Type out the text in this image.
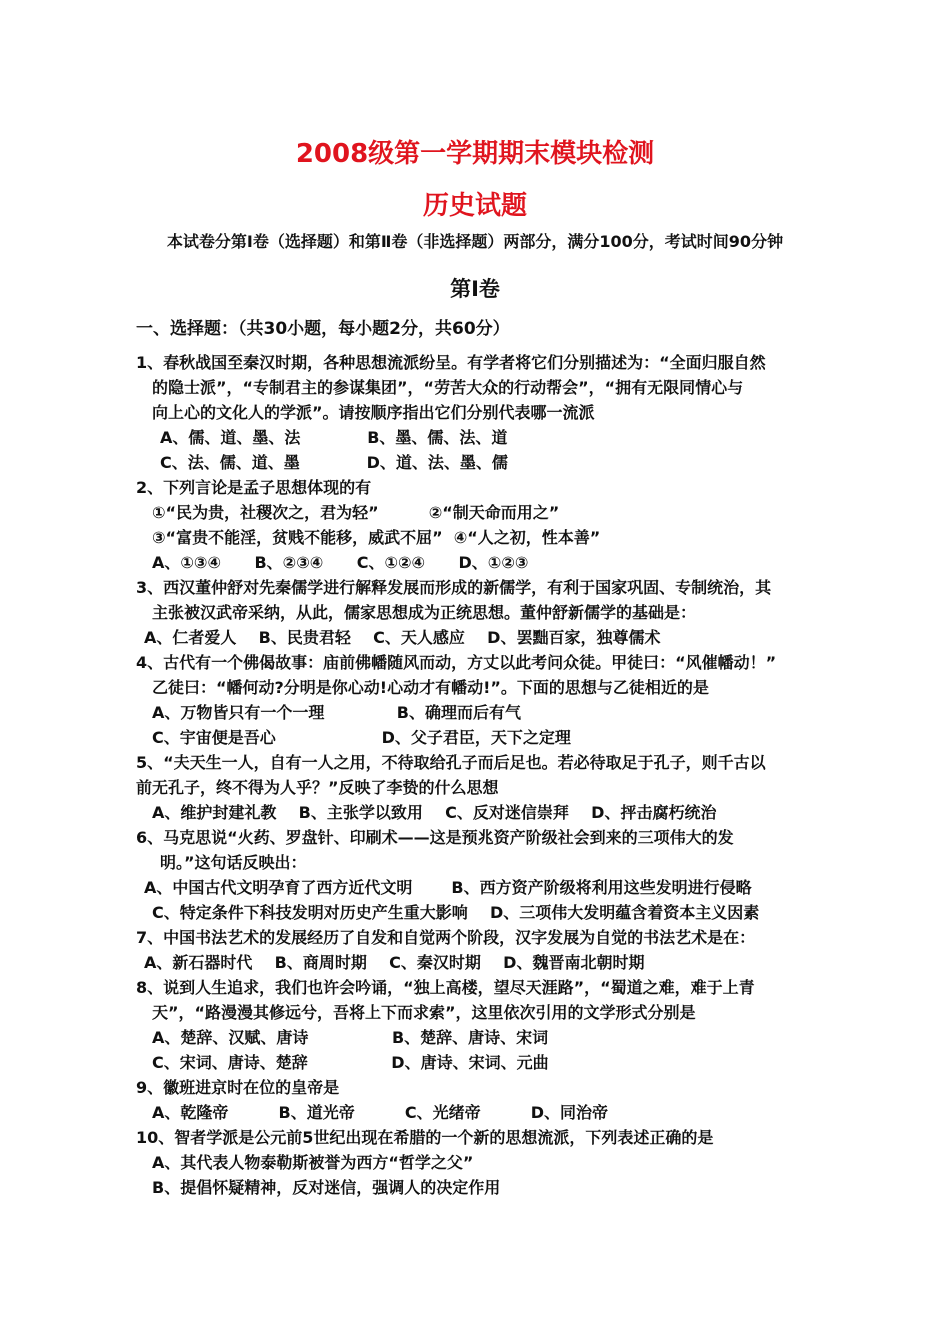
2008级第一学期期末模块检测
历史试题
本试卷分第Ⅰ卷（选择题）和第Ⅱ卷（非选择题）两部分，满分100分，考试时间90分钟
第Ⅰ卷
一、选择题：（共30小题，每小题2分，共60分）
1、春秋战国至秦汉时期，各种思想流派纷呈。有学者将它们分别描述为：“全面归服自然
的隐士派”，“专制君主的参谋集团”，“劳苦大众的行动帮会”，“拥有无限同情心与
向上心的文化人的学派”。请按顺序指出它们分别代表哪一流派
A、儒、道、墨、法            B、墨、儒、法、道
C、法、儒、道、墨            D、道、法、墨、儒
2、下列言论是孟子思想体现的有
①“民为贵，社稷次之，君为轻”         ②“制天命而用之”
③“富贵不能淫，贫贱不能移，威武不屈”  ④“人之初，性本善”
A、①③④      B、②③④      C、①②④      D、①②③
3、西汉董仲舒对先秦儒学进行解释发展而形成的新儒学，有利于国家巩固、专制统治，其
主张被汉武帝采纳，从此，儒家思想成为正统思想。董仲舒新儒学的基础是：
A、仁者爱人    B、民贵君轻    C、天人感应    D、罢黜百家，独尊儒术
4、古代有一个佛偈故事：庙前佛幡随风而动，方丈以此考问众徒。甲徒曰：“风催幡动！”
乙徒曰：“幡何动?分明是你心动!心动才有幡动!”。下面的思想与乙徒相近的是
A、万物皆只有一个一理             B、确理而后有气
C、宇宙便是吾心                   D、父子君臣，天下之定理
5、“夫天生一人，自有一人之用，不待取给孔子而后足也。若必待取足于孔子，则千古以
前无孔子，终不得为人乎？”反映了李贽的什么思想
A、维护封建礼教    B、主张学以致用    C、反对迷信崇拜    D、抨击腐朽统治
6、马克思说“火药、罗盘针、印刷术——这是预兆资产阶级社会到来的三项伟大的发
明。”这句话反映出：
A、中国古代文明孕育了西方近代文明       B、西方资产阶级将利用这些发明进行侵略
C、特定条件下科技发明对历史产生重大影响    D、三项伟大发明蕴含着资本主义因素
7、中国书法艺术的发展经历了自发和自觉两个阶段，汉字发展为自觉的书法艺术是在：
A、新石器时代    B、商周时期    C、秦汉时期    D、魏晋南北朝时期
8、说到人生追求，我们也许会吟诵，“独上高楼，望尽天涯路”，“蜀道之难，难于上青
天”，“路漫漫其修远兮，吾将上下而求索”，这里依次引用的文学形式分别是
A、楚辞、汉赋、唐诗               B、楚辞、唐诗、宋词
C、宋词、唐诗、楚辞               D、唐诗、宋词、元曲
9、徽班进京时在位的皇帝是
A、乾隆帝         B、道光帝         C、光绪帝         D、同治帝
10、智者学派是公元前5世纪出现在希腊的一个新的思想流派，下列表述正确的是
A、其代表人物泰勒斯被誉为西方“哲学之父”
B、提倡怀疑精神，反对迷信，强调人的决定作用
